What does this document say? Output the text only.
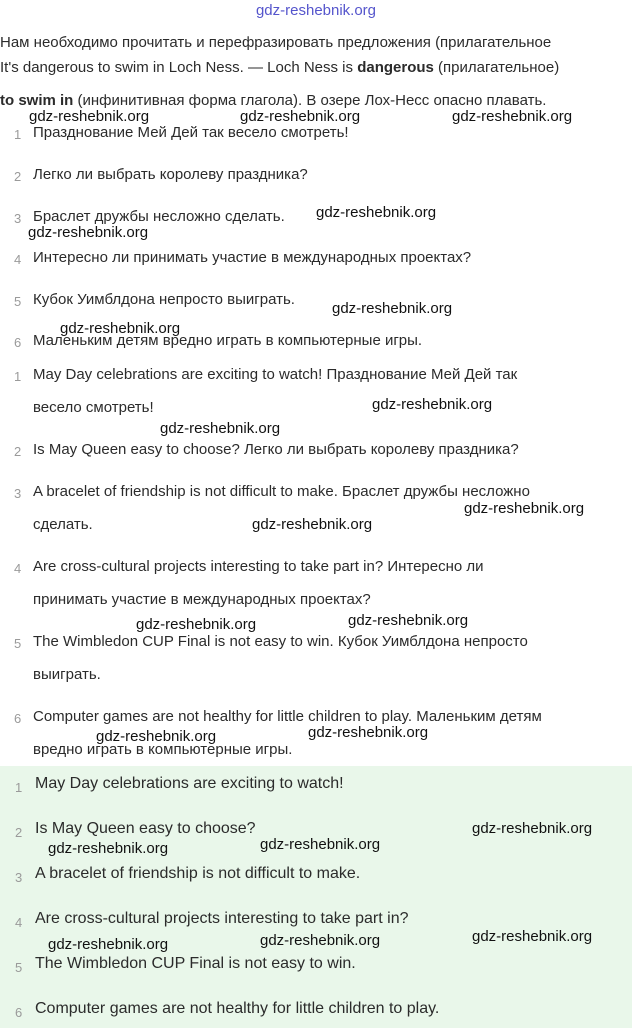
gdz-reshebnik.org
Нам необходимо прочитать и перефразировать предложения (прилагательное
It's dangerous to swim in Loch Ness. — Loch Ness is dangerous (прилагательное)
to swim in (инфинитивная форма глагола). В озере Лох-Несс опасно плавать.
1 Празднование Мей Дей так весело смотреть!
2 Легко ли выбрать королеву праздника?
3 Браслет дружбы несложно сделать.
4 Интересно ли принимать участие в международных проектах?
5 Кубок Уимблдона непросто выиграть.
6 Маленьким детям вредно играть в компьютерные игры.
1 May Day celebrations are exciting to watch! Празднование Мей Дей так
весело смотреть!
2 Is May Queen easy to choose? Легко ли выбрать королеву праздника?
3 A bracelet of friendship is not difficult to make. Браслет дружбы несложно
сделать.
4 Are cross-cultural projects interesting to take part in? Интересно ли
принимать участие в международных проектах?
5 The Wimbledon CUP Final is not easy to win. Кубок Уимблдона непросто
выиграть.
6 Computer games are not healthy for little children to play. Маленьким детям
вредно играть в компьютерные игры.
1 May Day celebrations are exciting to watch!
2 Is May Queen easy to choose?
3 A bracelet of friendship is not difficult to make.
4 Are cross-cultural projects interesting to take part in?
5 The Wimbledon CUP Final is not easy to win.
6 Computer games are not healthy for little children to play.
gdz-reshebnik.org	gdz-reshebnik.org	gdz-reshebnik.org
gdz-reshebnik.org
gdz-reshebnik.org
gdz-reshebnik.org
gdz-reshebnik.org
gdz-reshebnik.org
gdz-reshebnik.org
gdz-reshebnik.org
gdz-reshebnik.org
gdz-reshebnik.org
gdz-reshebnik.org
gdz-reshebnik.org
gdz-reshebnik.org
gdz-reshebnik.org
gdz-reshebnik.org
gdz-reshebnik.org
gdz-reshebnik.org
gdz-reshebnik.org
gdz-reshebnik.org
